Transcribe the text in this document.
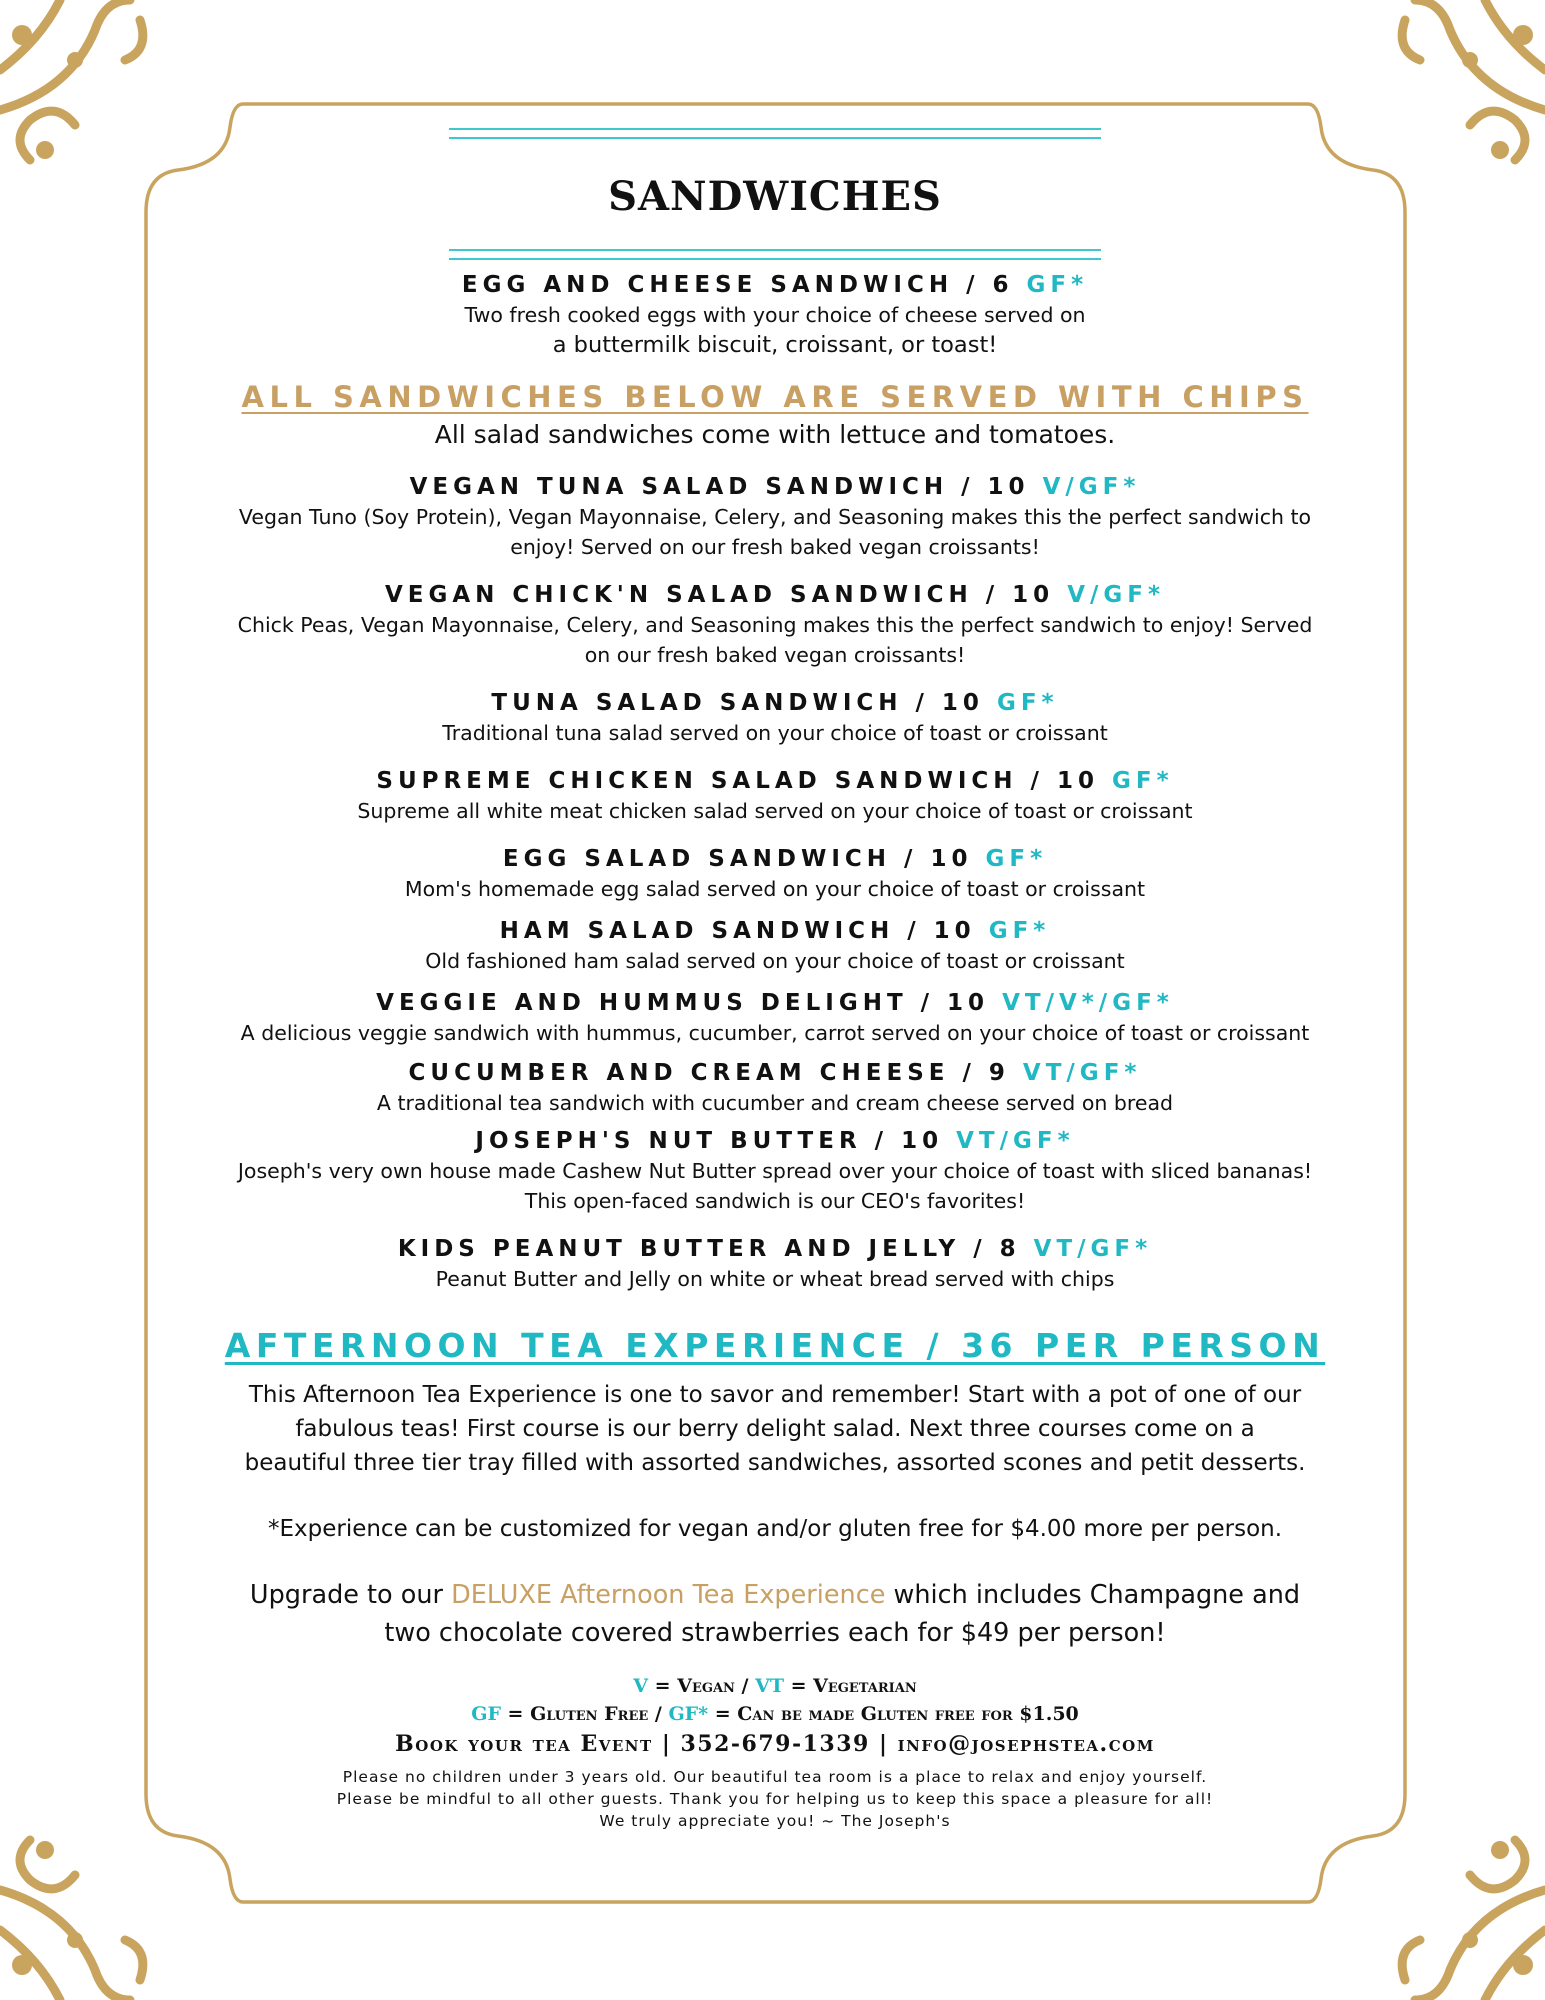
SANDWICHES
EGG AND CHEESE SANDWICH / 6 GF*
Two fresh cooked eggs with your choice of cheese served on
a buttermilk biscuit, croissant, or toast!
ALL SANDWICHES BELOW ARE SERVED WITH CHIPS
All salad sandwiches come with lettuce and tomatoes.
VEGAN TUNA SALAD SANDWICH / 10 V/GF*
Vegan Tuno (Soy Protein), Vegan Mayonnaise, Celery, and Seasoning makes this the perfect sandwich to
enjoy! Served on our fresh baked vegan croissants!
VEGAN CHICK'N SALAD SANDWICH / 10 V/GF*
Chick Peas, Vegan Mayonnaise, Celery, and Seasoning makes this the perfect sandwich to enjoy! Served
on our fresh baked vegan croissants!
TUNA SALAD SANDWICH / 10 GF*
Traditional tuna salad served on your choice of toast or croissant
SUPREME CHICKEN SALAD SANDWICH / 10 GF*
Supreme all white meat chicken salad served on your choice of toast or croissant
EGG SALAD SANDWICH / 10 GF*
Mom's homemade egg salad served on your choice of toast or croissant
HAM SALAD SANDWICH / 10 GF*
Old fashioned ham salad served on your choice of toast or croissant
VEGGIE AND HUMMUS DELIGHT / 10 VT/V*/GF*
A delicious veggie sandwich with hummus, cucumber, carrot served on your choice of toast or croissant
CUCUMBER AND CREAM CHEESE / 9 VT/GF*
A traditional tea sandwich with cucumber and cream cheese served on bread
JOSEPH'S NUT BUTTER / 10 VT/GF*
Joseph's very own house made Cashew Nut Butter spread over your choice of toast with sliced bananas!
This open-faced sandwich is our CEO's favorites!
KIDS PEANUT BUTTER AND JELLY / 8 VT/GF*
Peanut Butter and Jelly on white or wheat bread served with chips
AFTERNOON TEA EXPERIENCE / 36 PER PERSON
This Afternoon Tea Experience is one to savor and remember! Start with a pot of one of our
fabulous teas! First course is our berry delight salad. Next three courses come on a
beautiful three tier tray filled with assorted sandwiches, assorted scones and petit desserts.
*Experience can be customized for vegan and/or gluten free for $4.00 more per person.
Upgrade to our DELUXE Afternoon Tea Experience which includes Champagne and
two chocolate covered strawberries each for $49 per person!
V = Vegan / VT = Vegetarian
GF = Gluten Free / GF* = Can be made Gluten free for $1.50
Book your tea Event | 352-679-1339 | info@josephstea.com
Please no children under 3 years old. Our beautiful tea room is a place to relax and enjoy yourself.
Please be mindful to all other guests. Thank you for helping us to keep this space a pleasure for all!
We truly appreciate you! ~ The Joseph's
